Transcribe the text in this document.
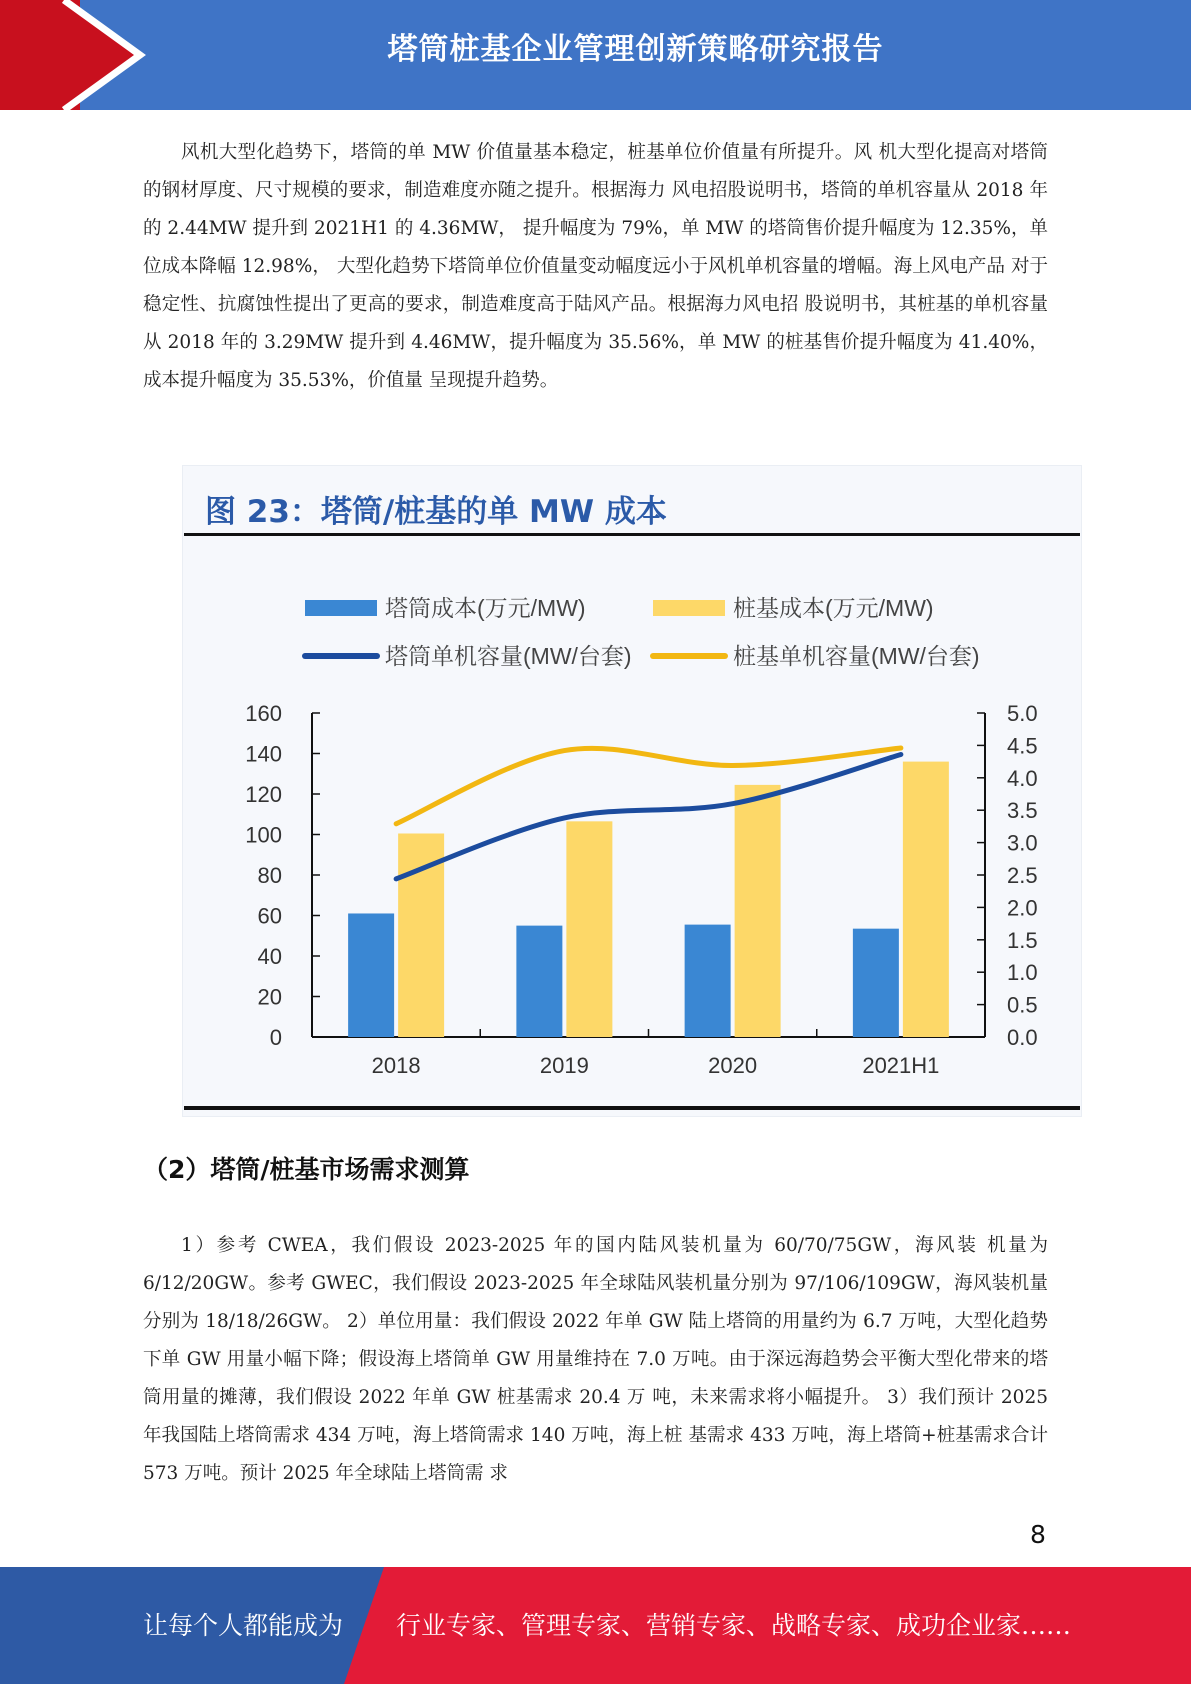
塔筒桩基企业管理创新策略研究报告

风机大型化趋势下，塔筒的单 MW 价值量基本稳定，桩基单位价值量有所提升。风 机大型化提高对塔筒的钢材厚度、尺寸规模的要求，制造难度亦随之提升。根据海力 风电招股说明书，塔筒的单机容量从 2018 年的 2.44MW 提升到 2021H1 的 4.36MW， 提升幅度为 79%，单 MW 的塔筒售价提升幅度为 12.35%，单位成本降幅 12.98%， 大型化趋势下塔筒单位价值量变动幅度远小于风机单机容量的增幅。海上风电产品 对于稳定性、抗腐蚀性提出了更高的要求，制造难度高于陆风产品。根据海力风电招 股说明书，其桩基的单机容量从 2018 年的 3.29MW 提升到 4.46MW，提升幅度为 35.56%，单 MW 的桩基售价提升幅度为 41.40%，成本提升幅度为 35.53%，价值量 呈现提升趋势。

图 23：塔筒/桩基的单 MW 成本
塔筒成本(万元/MW)	桩基成本(万元/MW)
塔筒单机容量(MW/台套)	桩基单机容量(MW/台套)
0
20
40
60
80
100
120
140
160
0.0
0.5
1.0
1.5
2.0
2.5
3.0
3.5
4.0
4.5
5.0
2018	2019	2020	2021H1
（2）塔筒/桩基市场需求测算

1）参考 CWEA，我们假设 2023-2025 年的国内陆风装机量为 60/70/75GW，海风装 机量为 6/12/20GW。参考 GWEC，我们假设 2023-2025 年全球陆风装机量分别为 97/106/109GW，海风装机量分别为 18/18/26GW。 2）单位用量：我们假设 2022 年单 GW 陆上塔筒的用量约为 6.7 万吨，大型化趋势 下单 GW 用量小幅下降；假设海上塔筒单 GW 用量维持在 7.0 万吨。由于深远海趋势会平衡大型化带来的塔筒用量的摊薄，我们假设 2022 年单 GW 桩基需求 20.4 万 吨，未来需求将小幅提升。 3）我们预计 2025 年我国陆上塔筒需求 434 万吨，海上塔筒需求 140 万吨，海上桩 基需求 433 万吨，海上塔筒+桩基需求合计 573 万吨。预计 2025 年全球陆上塔筒需 求

8
让每个人都能成为 行业专家、管理专家、营销专家、战略专家、成功企业家……
